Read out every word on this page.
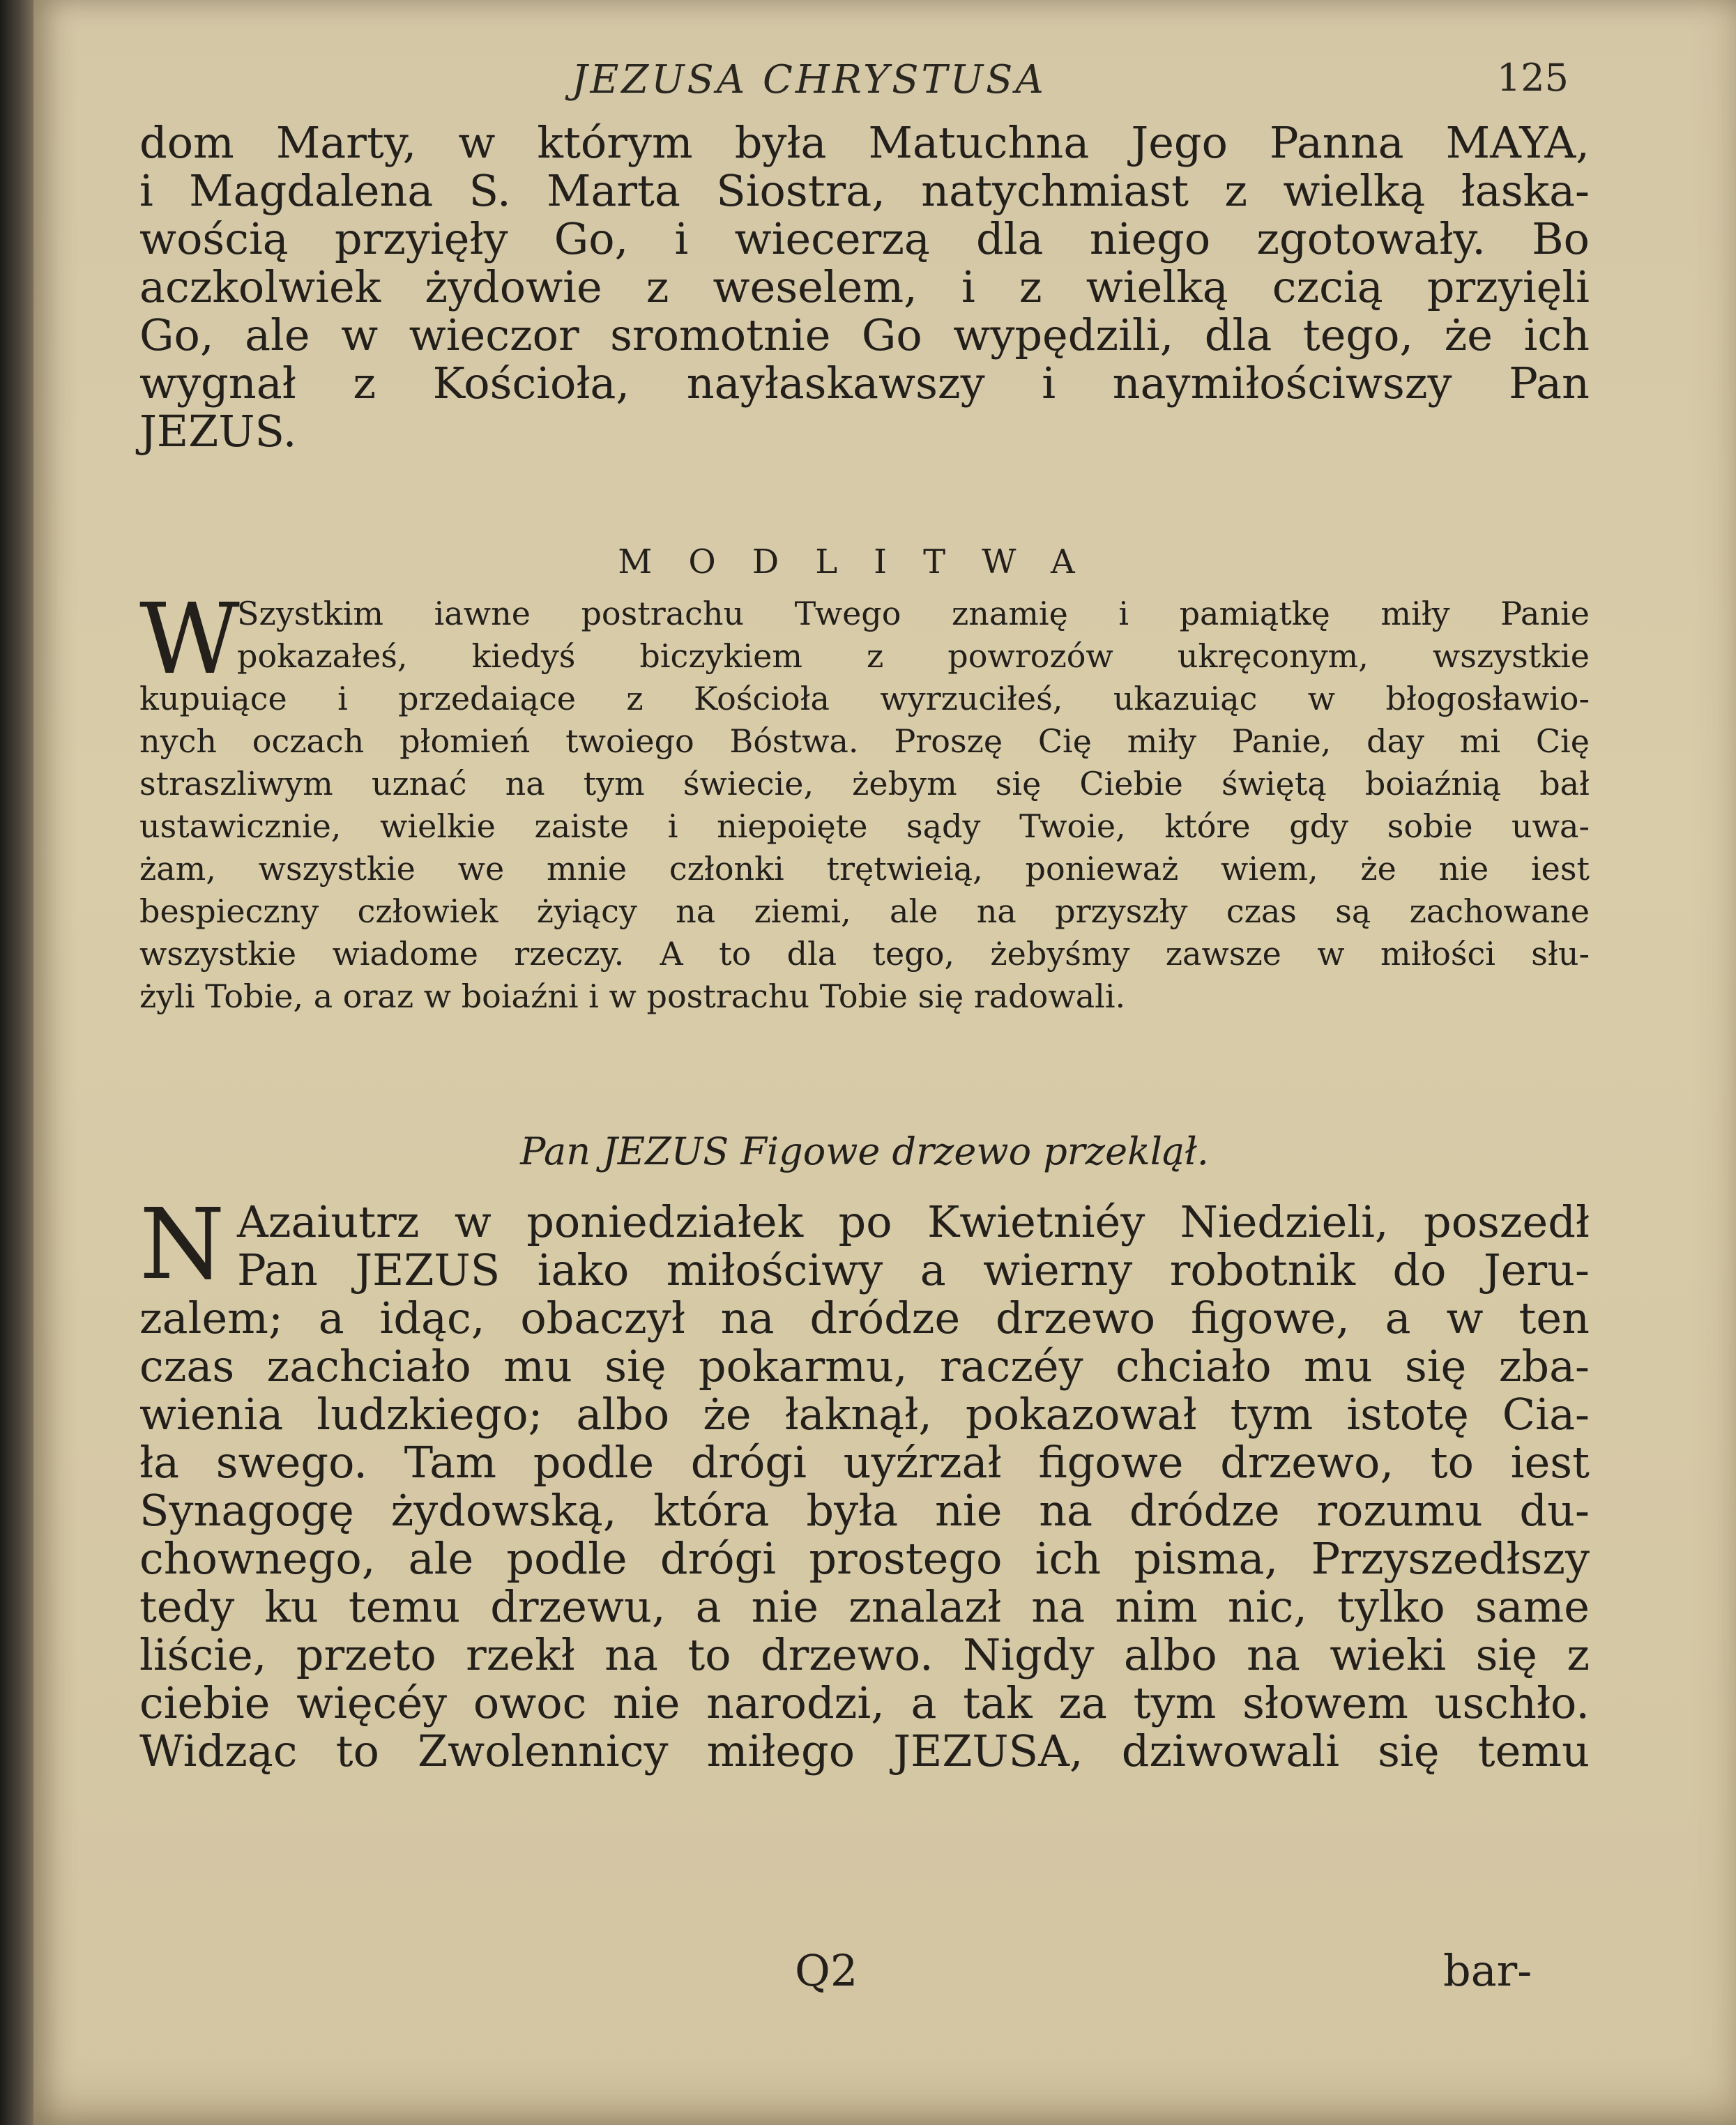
JEZUSA CHRYSTUSA	125
dom Marty, w którym była Matuchna Jego Panna MAYA,
i Magdalena S. Marta Siostra, natychmiast z wielką łaska-
wością przyięły Go, i wiecerzą dla niego zgotowały. Bo
aczkolwiek żydowie z weselem, i z wielką czcią przyięli
Go, ale w wieczor sromotnie Go wypędzili, dla tego, że ich
wygnał z Kościoła, nayłaskawszy i naymiłościwszy Pan
JEZUS.
MODLITWA
W
Szystkim iawne postrachu Twego znamię i pamiątkę miły Panie
pokazałeś, kiedyś biczykiem z powrozów ukręconym, wszystkie
kupuiące i przedaiące z Kościoła wyrzuciłeś, ukazuiąc w błogosławio-
nych oczach płomień twoiego Bóstwa. Proszę Cię miły Panie, day mi Cię
straszliwym uznać na tym świecie, żebym się Ciebie świętą boiaźnią bał
ustawicznie, wielkie zaiste i niepoięte sądy Twoie, które gdy sobie uwa-
żam, wszystkie we mnie członki trętwieią, ponieważ wiem, że nie iest
bespieczny człowiek żyiący na ziemi, ale na przyszły czas są zachowane
wszystkie wiadome rzeczy. A to dla tego, żebyśmy zawsze w miłości słu-
żyli Tobie, a oraz w boiaźni i w postrachu Tobie się radowali.
Pan JEZUS Figowe drzewo przeklął.
N Azaiutrz w poniedziałek po Kwietniéy Niedzieli, poszedł
Pan JEZUS iako miłościwy a wierny robotnik do Jeru-
zalem; a idąc, obaczył na dródze drzewo figowe, a w ten
czas zachciało mu się pokarmu, raczéy chciało mu się zba-
wienia ludzkiego; albo że łaknął, pokazował tym istotę Cia-
ła swego. Tam podle drógi uyźrzał figowe drzewo, to iest
Synagogę żydowską, która była nie na dródze rozumu du-
chownego, ale podle drógi prostego ich pisma, Przyszedłszy
tedy ku temu drzewu, a nie znalazł na nim nic, tylko same
liście, przeto rzekł na to drzewo. Nigdy albo na wieki się z
ciebie więcéy owoc nie narodzi, a tak za tym słowem uschło.
Widząc to Zwolennicy miłego JEZUSA, dziwowali się temu
Q2	bar-
